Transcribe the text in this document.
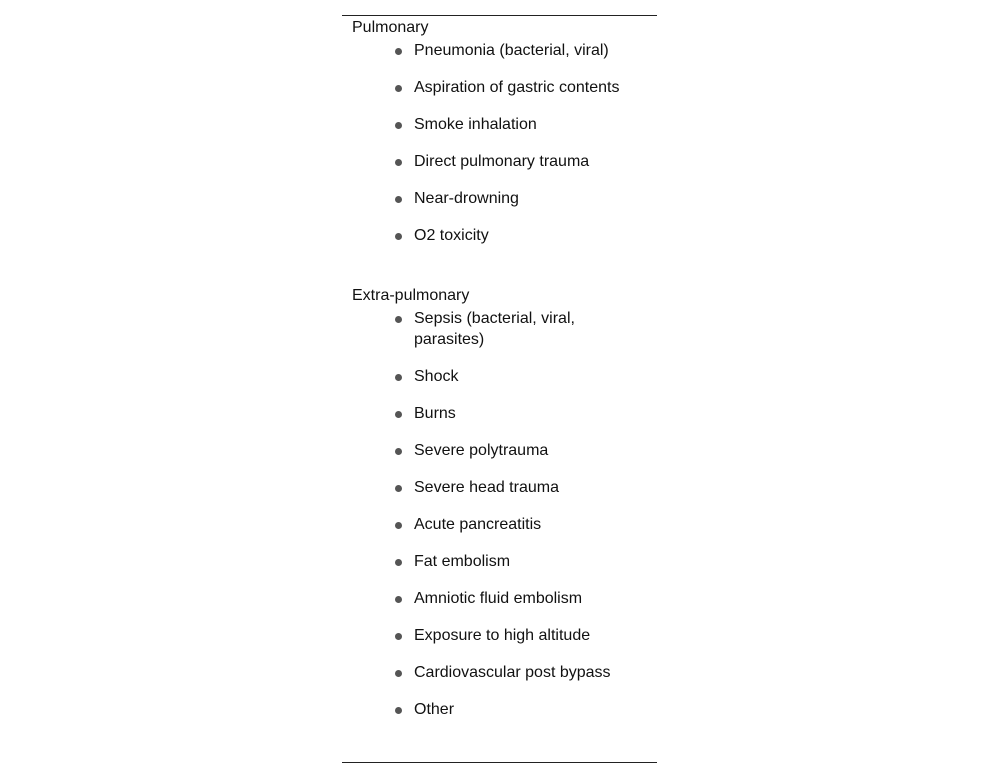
Pulmonary
Pneumonia (bacterial, viral)
Aspiration of gastric contents
Smoke inhalation
Direct pulmonary trauma
Near-drowning
O2 toxicity
Extra-pulmonary
Sepsis (bacterial, viral, parasites)
Shock
Burns
Severe polytrauma
Severe head trauma
Acute pancreatitis
Fat embolism
Amniotic fluid embolism
Exposure to high altitude
Cardiovascular post bypass
Other
